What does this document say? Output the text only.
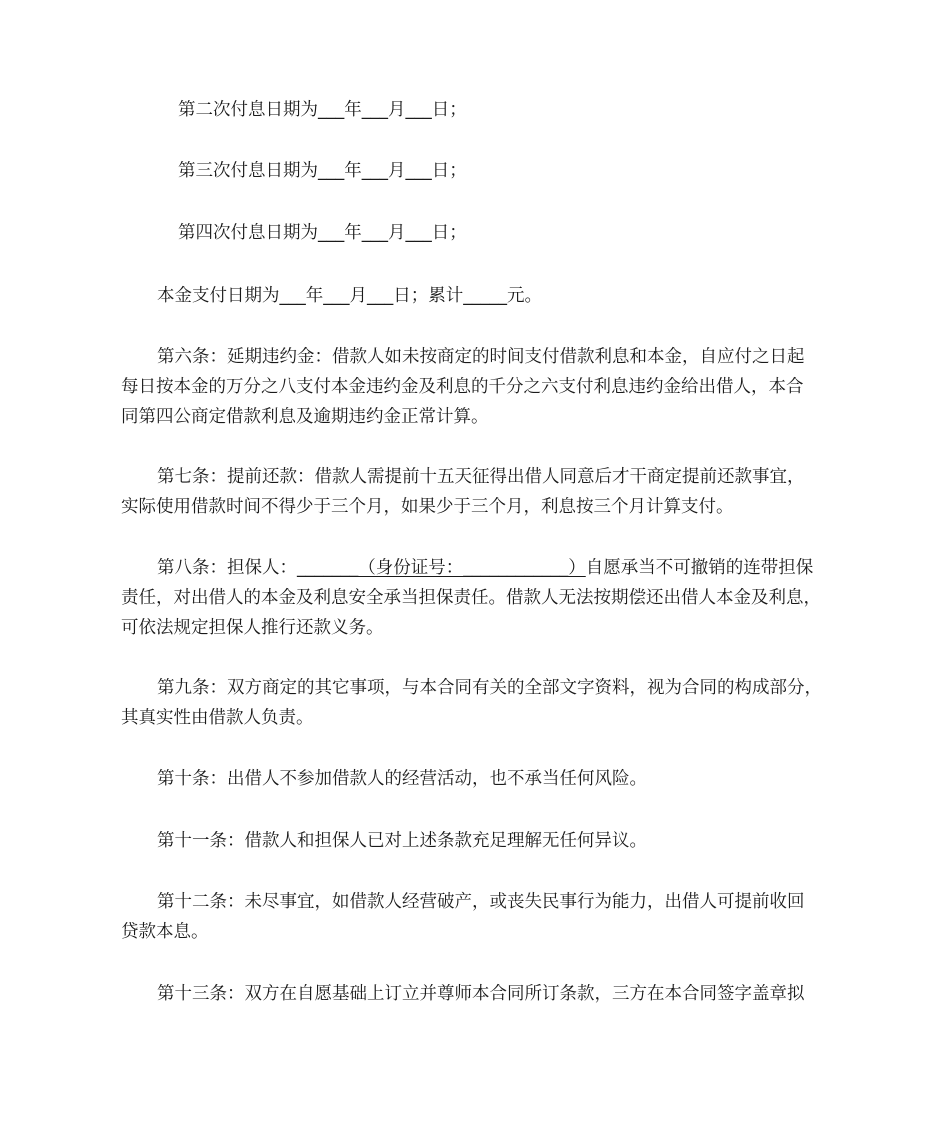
第二次付息日期为___年___月___日；
第三次付息日期为___年___月___日；
第四次付息日期为___年___月___日；
本金支付日期为___年___月___日；累计_____元。
第六条：延期违约金：借款人如未按商定的时间支付借款利息和本金，自应付之日起
每日按本金的万分之八支付本金违约金及利息的千分之六支付利息违约金给出借人，本合
同第四公商定借款利息及逾期违约金正常计算。
第七条：提前还款：借款人需提前十五天征得出借人同意后才干商定提前还款事宜，
实际使用借款时间不得少于三个月，如果少于三个月，利息按三个月计算支付。
第八条：担保人：_______（身份证号：____________）自愿承当不可撤销的连带担保
责任，对出借人的本金及利息安全承当担保责任。借款人无法按期偿还出借人本金及利息，
可依法规定担保人推行还款义务。
第九条：双方商定的其它事项，与本合同有关的全部文字资料，视为合同的构成部分，
其真实性由借款人负责。
第十条：出借人不参加借款人的经营活动，也不承当任何风险。
第十一条：借款人和担保人已对上述条款充足理解无任何异议。
第十二条：未尽事宜，如借款人经营破产，或丧失民事行为能力，出借人可提前收回
贷款本息。
第十三条：双方在自愿基础上订立并尊师本合同所订条款，三方在本合同签字盖章拟
